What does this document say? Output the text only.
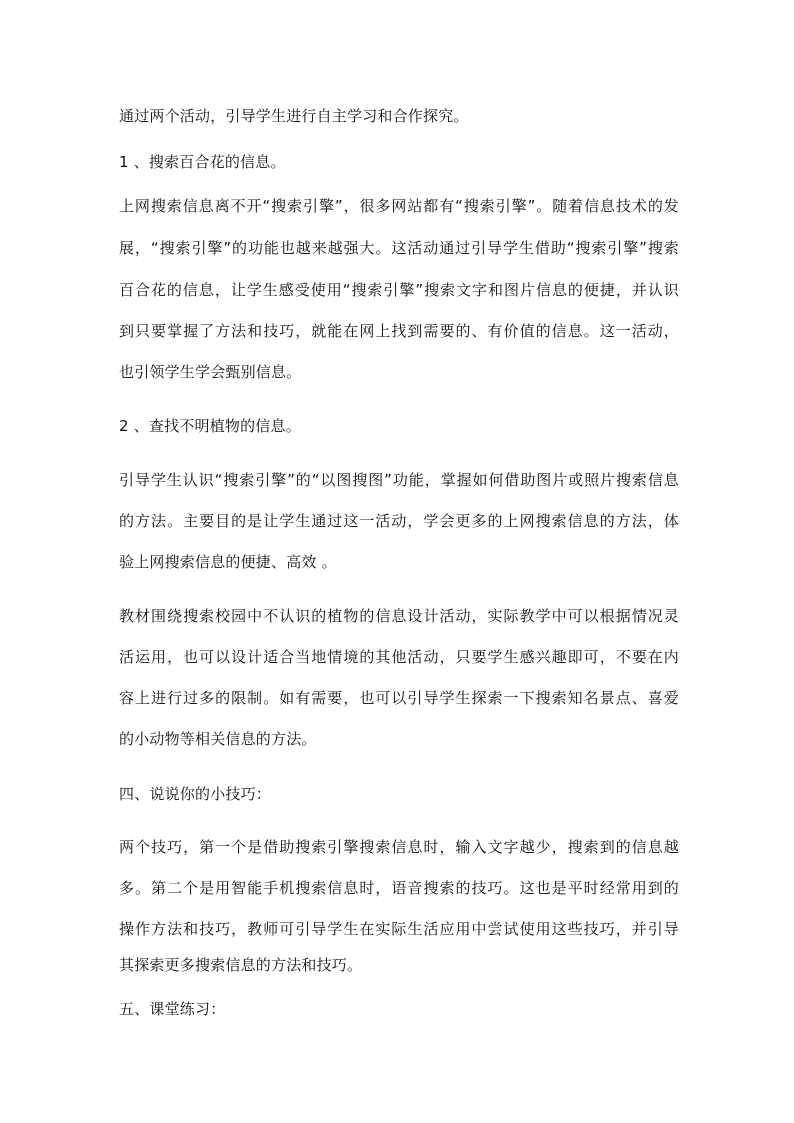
通过两个活动，引导学生进行自主学习和合作探究。
1 、搜索百合花的信息。
上网搜索信息离不开“搜索引擎”，很多网站都有“搜索引擎”。随着信息技术的发
展，“搜索引擎”的功能也越来越强大。这活动通过引导学生借助“搜索引擎”搜索
百合花的信息，让学生感受使用“搜索引擎”搜索文字和图片信息的便捷，并认识
到只要掌握了方法和技巧，就能在网上找到需要的、有价值的信息。这一活动，
也引领学生学会甄别信息。
2 、查找不明植物的信息。
引导学生认识“搜索引擎”的“以图搜图”功能，掌握如何借助图片或照片搜索信息
的方法。主要目的是让学生通过这一活动，学会更多的上网搜索信息的方法，体
验上网搜索信息的便捷、高效 。
教材围绕搜索校园中不认识的植物的信息设计活动，实际教学中可以根据情况灵
活运用，也可以设计适合当地情境的其他活动，只要学生感兴趣即可，不要在内
容上进行过多的限制。如有需要，也可以引导学生探索一下搜索知名景点、喜爱
的小动物等相关信息的方法。
四、说说你的小技巧：
两个技巧，第一个是借助搜索引擎搜索信息时，输入文字越少，搜索到的信息越
多。第二个是用智能手机搜索信息时，语音搜索的技巧。这也是平时经常用到的
操作方法和技巧，教师可引导学生在实际生活应用中尝试使用这些技巧，并引导
其探索更多搜索信息的方法和技巧。
五、课堂练习：
